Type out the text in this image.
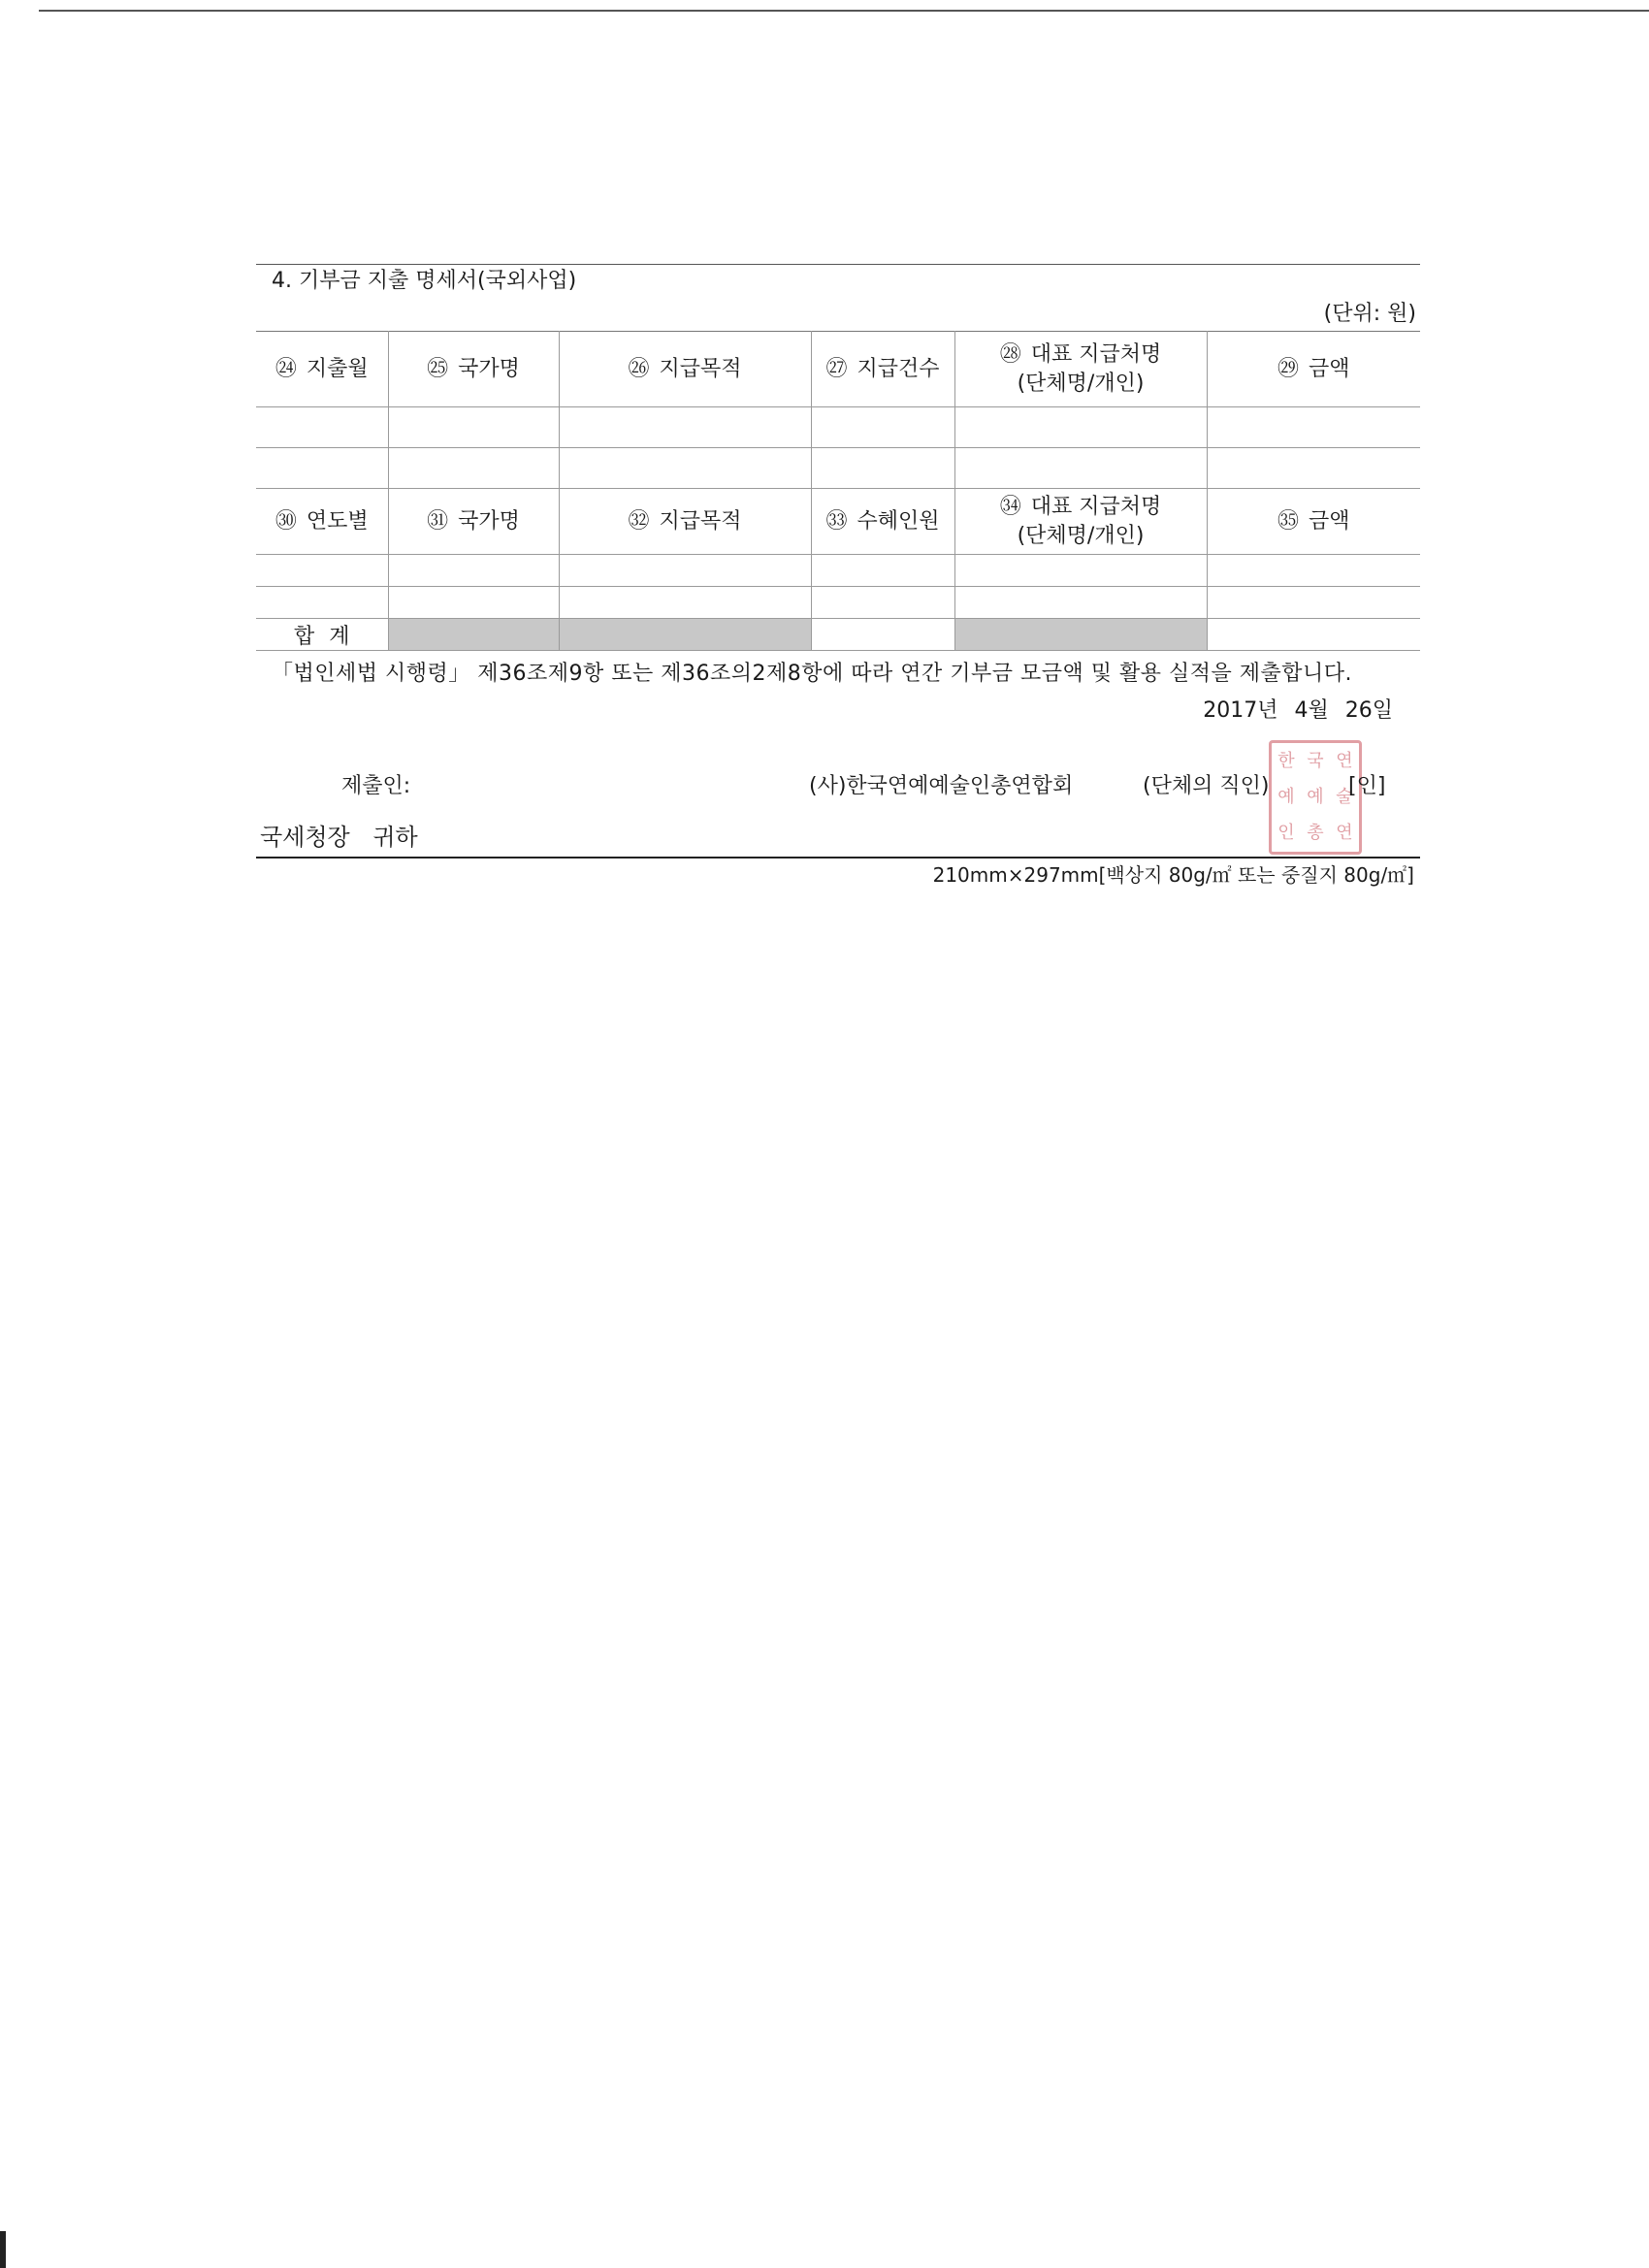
4. 기부금 지출 명세서(국외사업)
(단위: 원)
㉔ 지출월	㉕ 국가명	㉖ 지급목적	㉗ 지급건수	㉘ 대표 지급처명
(단체명/개인)	㉙ 금액

㉚ 연도별	㉛ 국가명	㉜ 지급목적	㉝ 수혜인원	㉞ 대표 지급처명
(단체명/개인)	㉟ 금액

합 계					
「법인세법 시행령」 제36조제9항 또는 제36조의2제8항에 따라 연간 기부금 모금액 및 활용 실적을 제출합니다.
2017년 4월 26일
제출인:	(사)한국연예예술인총연합회
한 국 연
예 예 술
인 총 연
(단체의 직인)	[인]
국세청장 귀하
210mm×297mm[백상지 80g/㎡ 또는 중질지 80g/㎡]
